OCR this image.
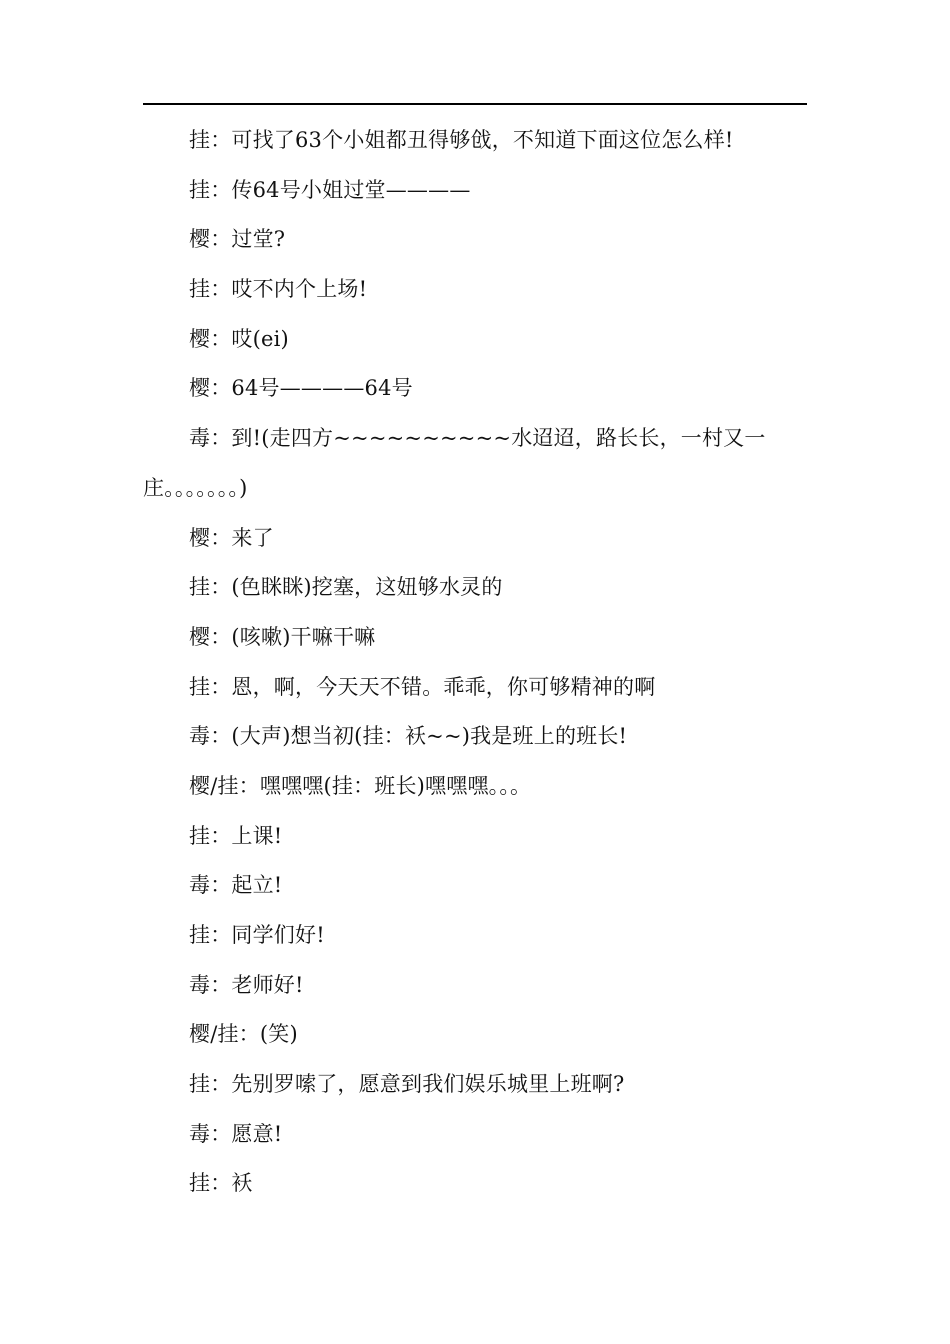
挂：可找了63个小姐都丑得够戗，不知道下面这位怎么样!
挂：传64号小姐过堂————
樱：过堂?
挂：哎不内个上场!
樱：哎(ei)
樱：64号————64号
毒：到!(走四方~~~~~~~~~~水迢迢，路长长，一村又一
庄。。。。。。。)
樱：来了
挂：(色眯眯)挖塞，这妞够水灵的
樱：(咳嗽)干嘛干嘛
挂：恩，啊，今天天不错。乖乖，你可够精神的啊
毒：(大声)想当初(挂：袄~~)我是班上的班长!
樱/挂：嘿嘿嘿(挂：班长)嘿嘿嘿。。。
挂：上课!
毒：起立!
挂：同学们好!
毒：老师好!
樱/挂：(笑)
挂：先别罗嗦了，愿意到我们娱乐城里上班啊?
毒：愿意!
挂：袄
